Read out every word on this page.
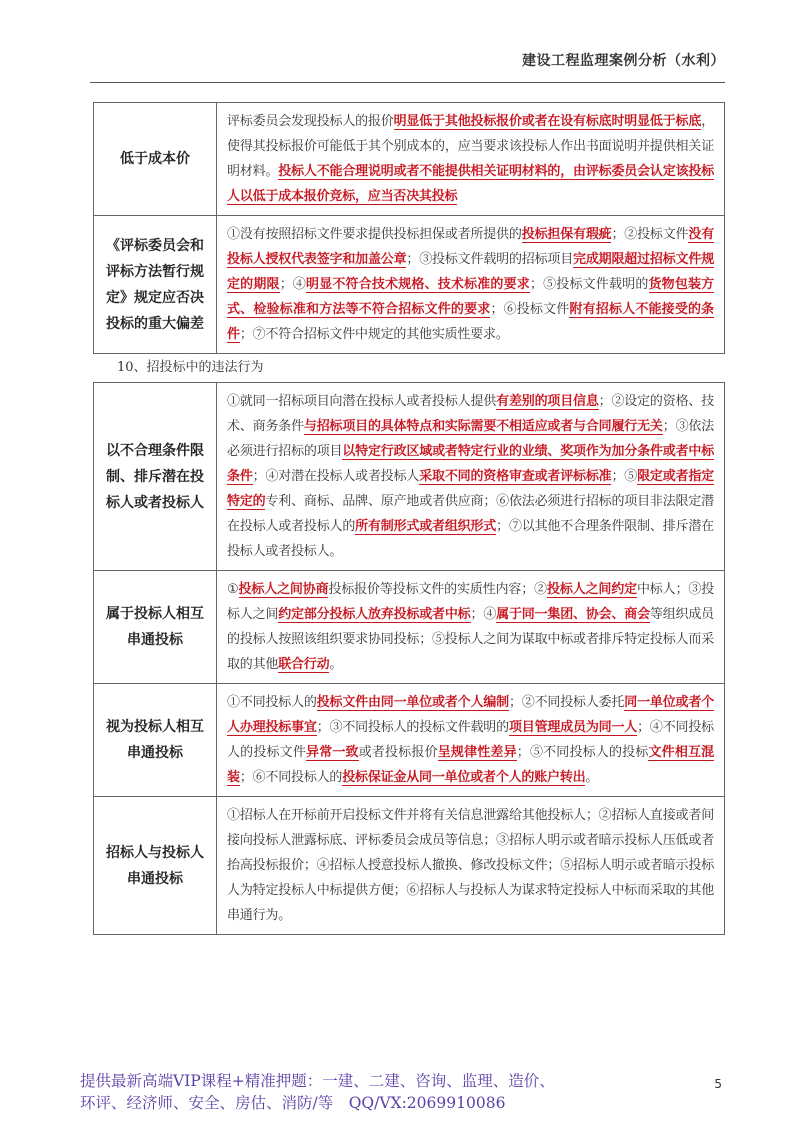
建设工程监理案例分析（水利）
低于成本价	评标委员会发现投标人的报价明显低于其他投标报价或者在设有标底时明显低于标底，使得其投标报价可能低于其个别成本的，应当要求该投标人作出书面说明并提供相关证明材料。投标人不能合理说明或者不能提供相关证明材料的，由评标委员会认定该投标人以低于成本报价竞标，应当否决其投标
《评标委员会和评标方法暂行规定》规定应否决投标的重大偏差	①没有按照招标文件要求提供投标担保或者所提供的投标担保有瑕疵；②投标文件没有投标人授权代表签字和加盖公章；③投标文件载明的招标项目完成期限超过招标文件规定的期限；④明显不符合技术规格、技术标准的要求；⑤投标文件载明的货物包装方式、检验标准和方法等不符合招标文件的要求；⑥投标文件附有招标人不能接受的条件；⑦不符合招标文件中规定的其他实质性要求。
10、招投标中的违法行为
以不合理条件限制、排斥潜在投标人或者投标人	①就同一招标项目向潜在投标人或者投标人提供有差别的项目信息；②设定的资格、技术、商务条件与招标项目的具体特点和实际需要不相适应或者与合同履行无关；③依法必须进行招标的项目以特定行政区域或者特定行业的业绩、奖项作为加分条件或者中标条件；④对潜在投标人或者投标人采取不同的资格审查或者评标标准；⑤限定或者指定特定的专利、商标、品牌、原产地或者供应商；⑥依法必须进行招标的项目非法限定潜在投标人或者投标人的所有制形式或者组织形式；⑦以其他不合理条件限制、排斥潜在投标人或者投标人。
属于投标人相互串通投标	①投标人之间协商投标报价等投标文件的实质性内容；②投标人之间约定中标人；③投标人之间约定部分投标人放弃投标或者中标；④属于同一集团、协会、商会等组织成员的投标人按照该组织要求协同投标；⑤投标人之间为谋取中标或者排斥特定投标人而采取的其他联合行动。
视为投标人相互串通投标	①不同投标人的投标文件由同一单位或者个人编制；②不同投标人委托同一单位或者个人办理投标事宜；③不同投标人的投标文件载明的项目管理成员为同一人；④不同投标人的投标文件异常一致或者投标报价呈规律性差异；⑤不同投标人的投标文件相互混装；⑥不同投标人的投标保证金从同一单位或者个人的账户转出。
招标人与投标人串通投标	①招标人在开标前开启投标文件并将有关信息泄露给其他投标人；②招标人直接或者间接向投标人泄露标底、评标委员会成员等信息；③招标人明示或者暗示投标人压低或者抬高投标报价；④招标人授意投标人撤换、修改投标文件；⑤招标人明示或者暗示投标人为特定投标人中标提供方便；⑥招标人与投标人为谋求特定投标人中标而采取的其他串通行为。
提供最新高端VIP课程+精准押题：一建、二建、咨询、监理、造价、
环评、经济师、安全、房估、消防/等　QQ/VX:2069910086
5
